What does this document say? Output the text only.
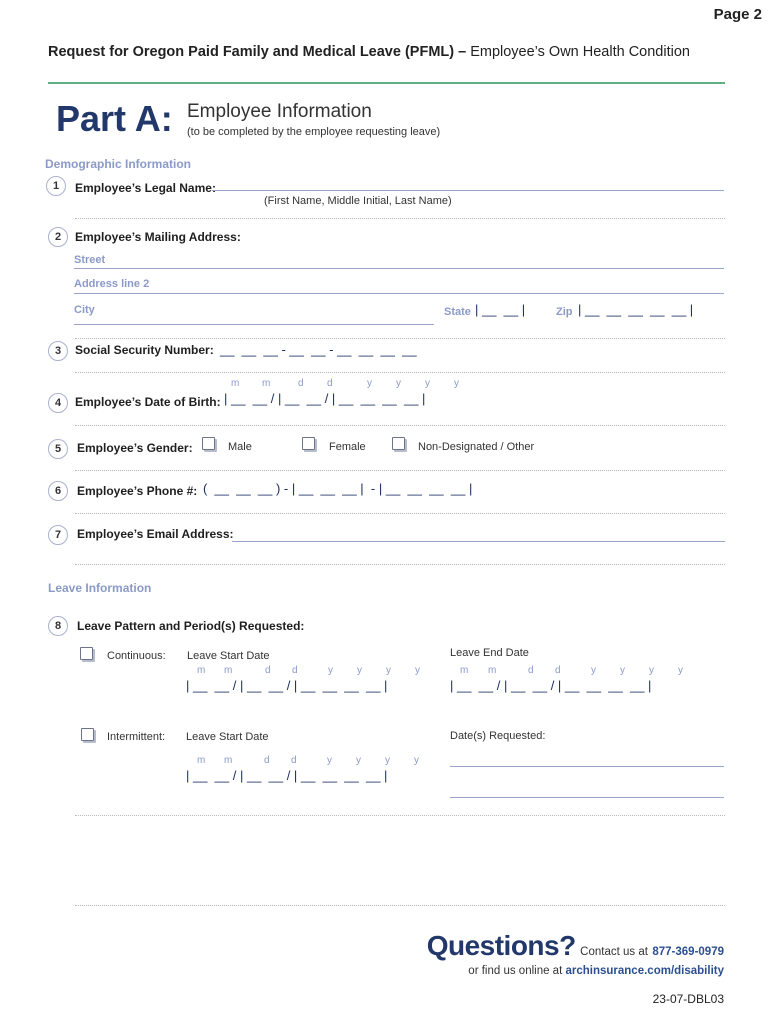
Page 2
Request for Oregon Paid Family and Medical Leave (PFML) – Employee’s Own Health Condition
Part A: Employee Information
(to be completed by the employee requesting leave)
Demographic Information
1	Employee’s Legal Name:
(First Name, Middle Initial, Last Name)
2	Employee’s Mailing Address:
Street
Address line 2
City	State | __  __ |	Zip | __  __  __  __  __ |
3	Social Security Number: __  __  __ - __  __ - __  __  __  __
m m	d d	y y y y
4	Employee’s Date of Birth: | __  __ / | __  __ / | __  __  __  __ |
5	Employee’s Gender:	Male	Female	Non-Designated / Other
6	Employee’s Phone #: (  __  __  __ ) - | __  __  __ |  - | __  __  __  __ |
7	Employee’s Email Address:
Leave Information
8	Leave Pattern and Period(s) Requested:
Continuous: Leave Start Date	Leave End Date
m m	d d	y y y y
| __  __ / | __  __ / | __  __  __  __ |
m m	d d	y y y y
| __  __ / | __  __ / | __  __  __  __ |
Intermittent: Leave Start Date	Date(s) Requested:
m m	d d	y y y y
| __  __ / | __  __ / | __  __  __  __ |
Questions? Contact us at 877-369-0979
or find us online at archinsurance.com/disability
23-07-DBL03
